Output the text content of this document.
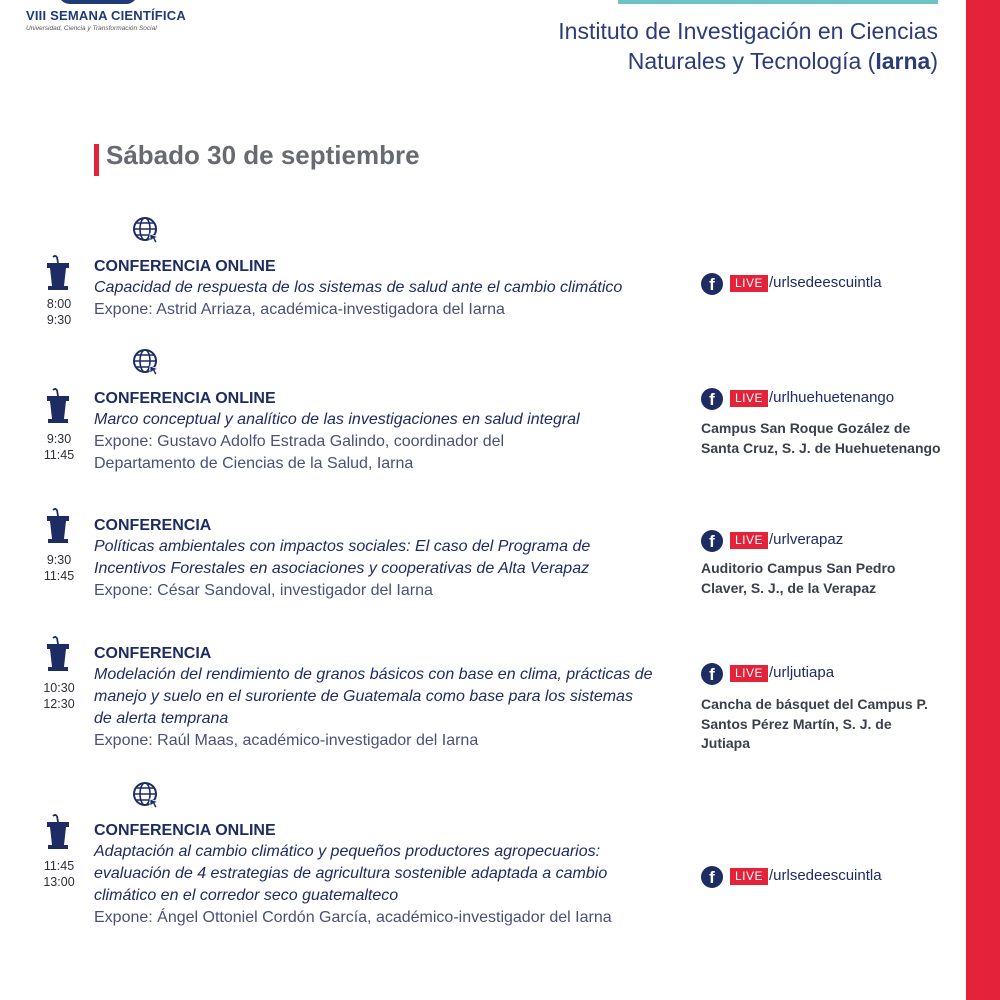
VIII SEMANA CIENTÍFICA
Universidad, Ciencia y Transformación Social	Instituto de Investigación en Ciencias
Naturales y Tecnología (Iarna)
Sábado 30 de septiembre
8:00
9:30
CONFERENCIA ONLINE
Capacidad de respuesta de los sistemas de salud ante el cambio climático
Expone: Astrid Arriaza, académica-investigadora del Iarna
f	LIVE /urlsedeescuintla
9:30
11:45
CONFERENCIA ONLINE
Marco conceptual y analítico de las investigaciones en salud integral
Expone: Gustavo Adolfo Estrada Galindo, coordinador del Departamento de Ciencias de la Salud, Iarna
f	LIVE /urlhuehuetenango
Campus San Roque Gozález de Santa Cruz, S. J. de Huehuetenango
9:30
11:45
CONFERENCIA
Políticas ambientales con impactos sociales: El caso del Programa de Incentivos Forestales en asociaciones y cooperativas de Alta Verapaz
Expone: César Sandoval, investigador del Iarna
f	LIVE /urlverapaz
Auditorio Campus San Pedro Claver, S. J., de la Verapaz
10:30
12:30
CONFERENCIA
Modelación del rendimiento de granos básicos con base en clima, prácticas de manejo y suelo en el suroriente de Guatemala como base para los sistemas de alerta temprana
Expone: Raúl Maas, académico-investigador del Iarna
f	LIVE /urljutiapa
Cancha de básquet del Campus P. Santos Pérez Martín, S. J. de Jutiapa
11:45
13:00
CONFERENCIA ONLINE
Adaptación al cambio climático y pequeños productores agropecuarios: evaluación de 4 estrategias de agricultura sostenible adaptada a cambio climático en el corredor seco guatemalteco
Expone: Ángel Ottoniel Cordón García, académico-investigador del Iarna
f	LIVE /urlsedeescuintla
